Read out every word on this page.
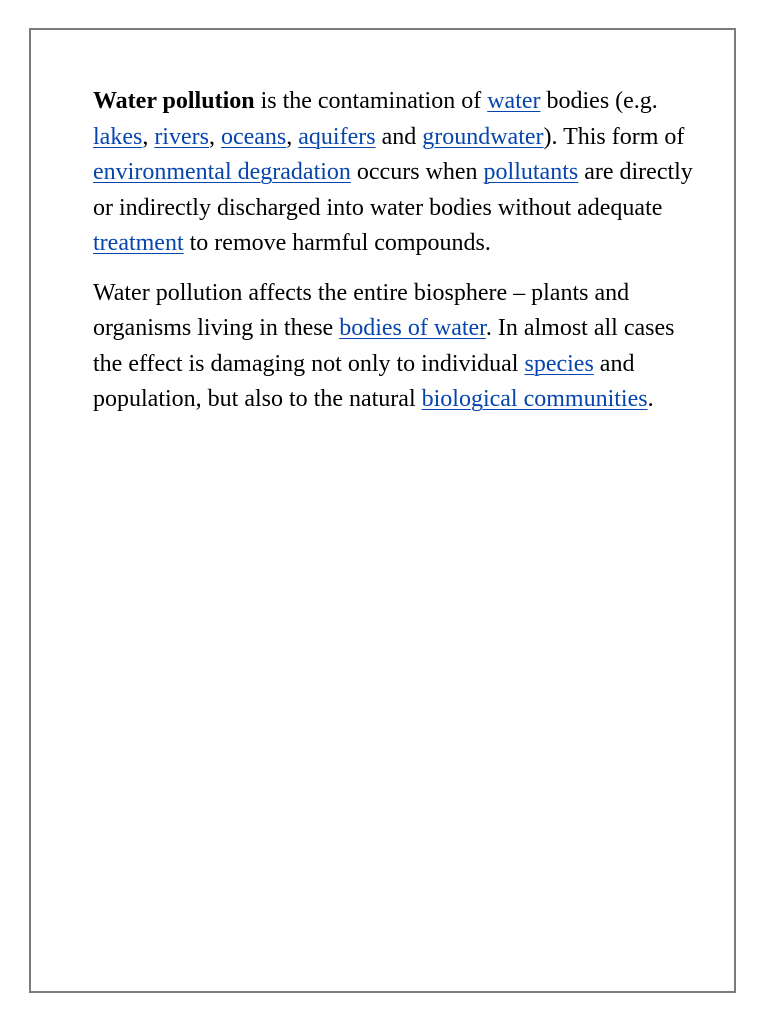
Water pollution is the contamination of water bodies (e.g. lakes, rivers, oceans, aquifers and groundwater). This form of environmental degradation occurs when pollutants are directly or indirectly discharged into water bodies without adequate treatment to remove harmful compounds.

Water pollution affects the entire biosphere – plants and organisms living in these bodies of water. In almost all cases the effect is damaging not only to individual species and population, but also to the natural biological communities.
